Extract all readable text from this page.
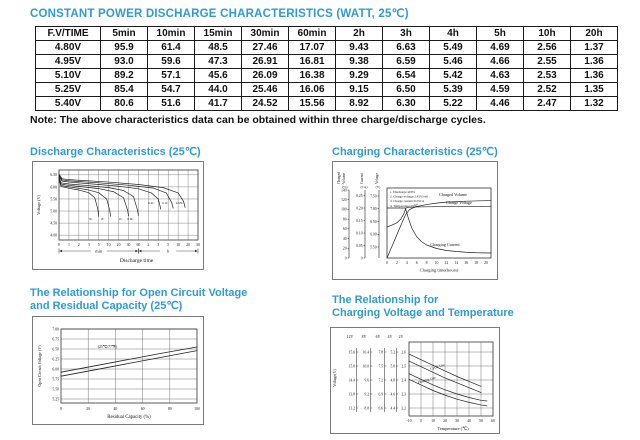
CONSTANT POWER DISCHARGE CHARACTERISTICS (WATT, 25℃)
F.V/TIME	5min	10min	15min	30min	60min	2h	3h	4h	5h	10h	20h
4.80V	95.9	61.4	48.5	27.46	17.07	9.43	6.63	5.49	4.69	2.56	1.37
4.95V	93.0	59.6	47.3	26.91	16.81	9.38	6.59	5.46	4.66	2.55	1.36
5.10V	89.2	57.1	45.6	26.09	16.38	9.29	6.54	5.42	4.63	2.53	1.36
5.25V	85.4	54.7	44.0	25.46	16.06	9.15	6.50	5.39	4.59	2.52	1.35
5.40V	80.6	51.6	41.7	24.52	15.56	8.92	6.30	5.22	4.46	2.47	1.32
Note: The above characteristics data can be obtained within three charge/discharge cycles.
Discharge Characteristics (25℃)
6.50
6.00
5.50
5.00
4.50
4.00
Voltage (V)
0 1 2 3 5 10 20 30 60 2 3 5 10 20 30
min	h
Discharge time
3C	2C	1C 0.6C
0.2C 0.1C 0.05C
Charging Characteristics (25℃)
Charged Volume	Current	Voltage
(%)	(CA) (V)
140
120
100
80
60
40
20
0
0.25
0.20
0.15
0.10
0.05
0
7.50
7.00
6.50
6.00
5.50
1. Discharge:100%
2. Charge voltage:2.45V/cell
3. Charge current:0.25CA
4. Temperature:25℃
Charged Volume
Charge Voltage
Charging Current
0 2 4 6 8 10 12 14 16 18 20
Charging time(hours)
The Relationship for Open Circuit Voltage
and Residual Capacity (25℃)
7.00
6.75
6.50
6.25
6.00
5.75
5.50
5.25
Open Circuit Voltage (V)	(25℃/77℉)
0	20	40	60	80	100
Residual Capacity (%)
The Relationship for
Charging Voltage and Temperature
Voltage(V)
12V
15.6
15.0
14.4
13.8
13.2
8V
10.4
10.0
9.6
9.2
8.8
6V
7.8
7.5
7.2
6.9
6.6
4V
5.2
5.0
4.8
4.6
4.4
2V
2.6
2.5
2.4
2.3
2.2
Cycle Use
Floating Use
-10 0 10 20 30 40 50 60
Temperature (℃)
